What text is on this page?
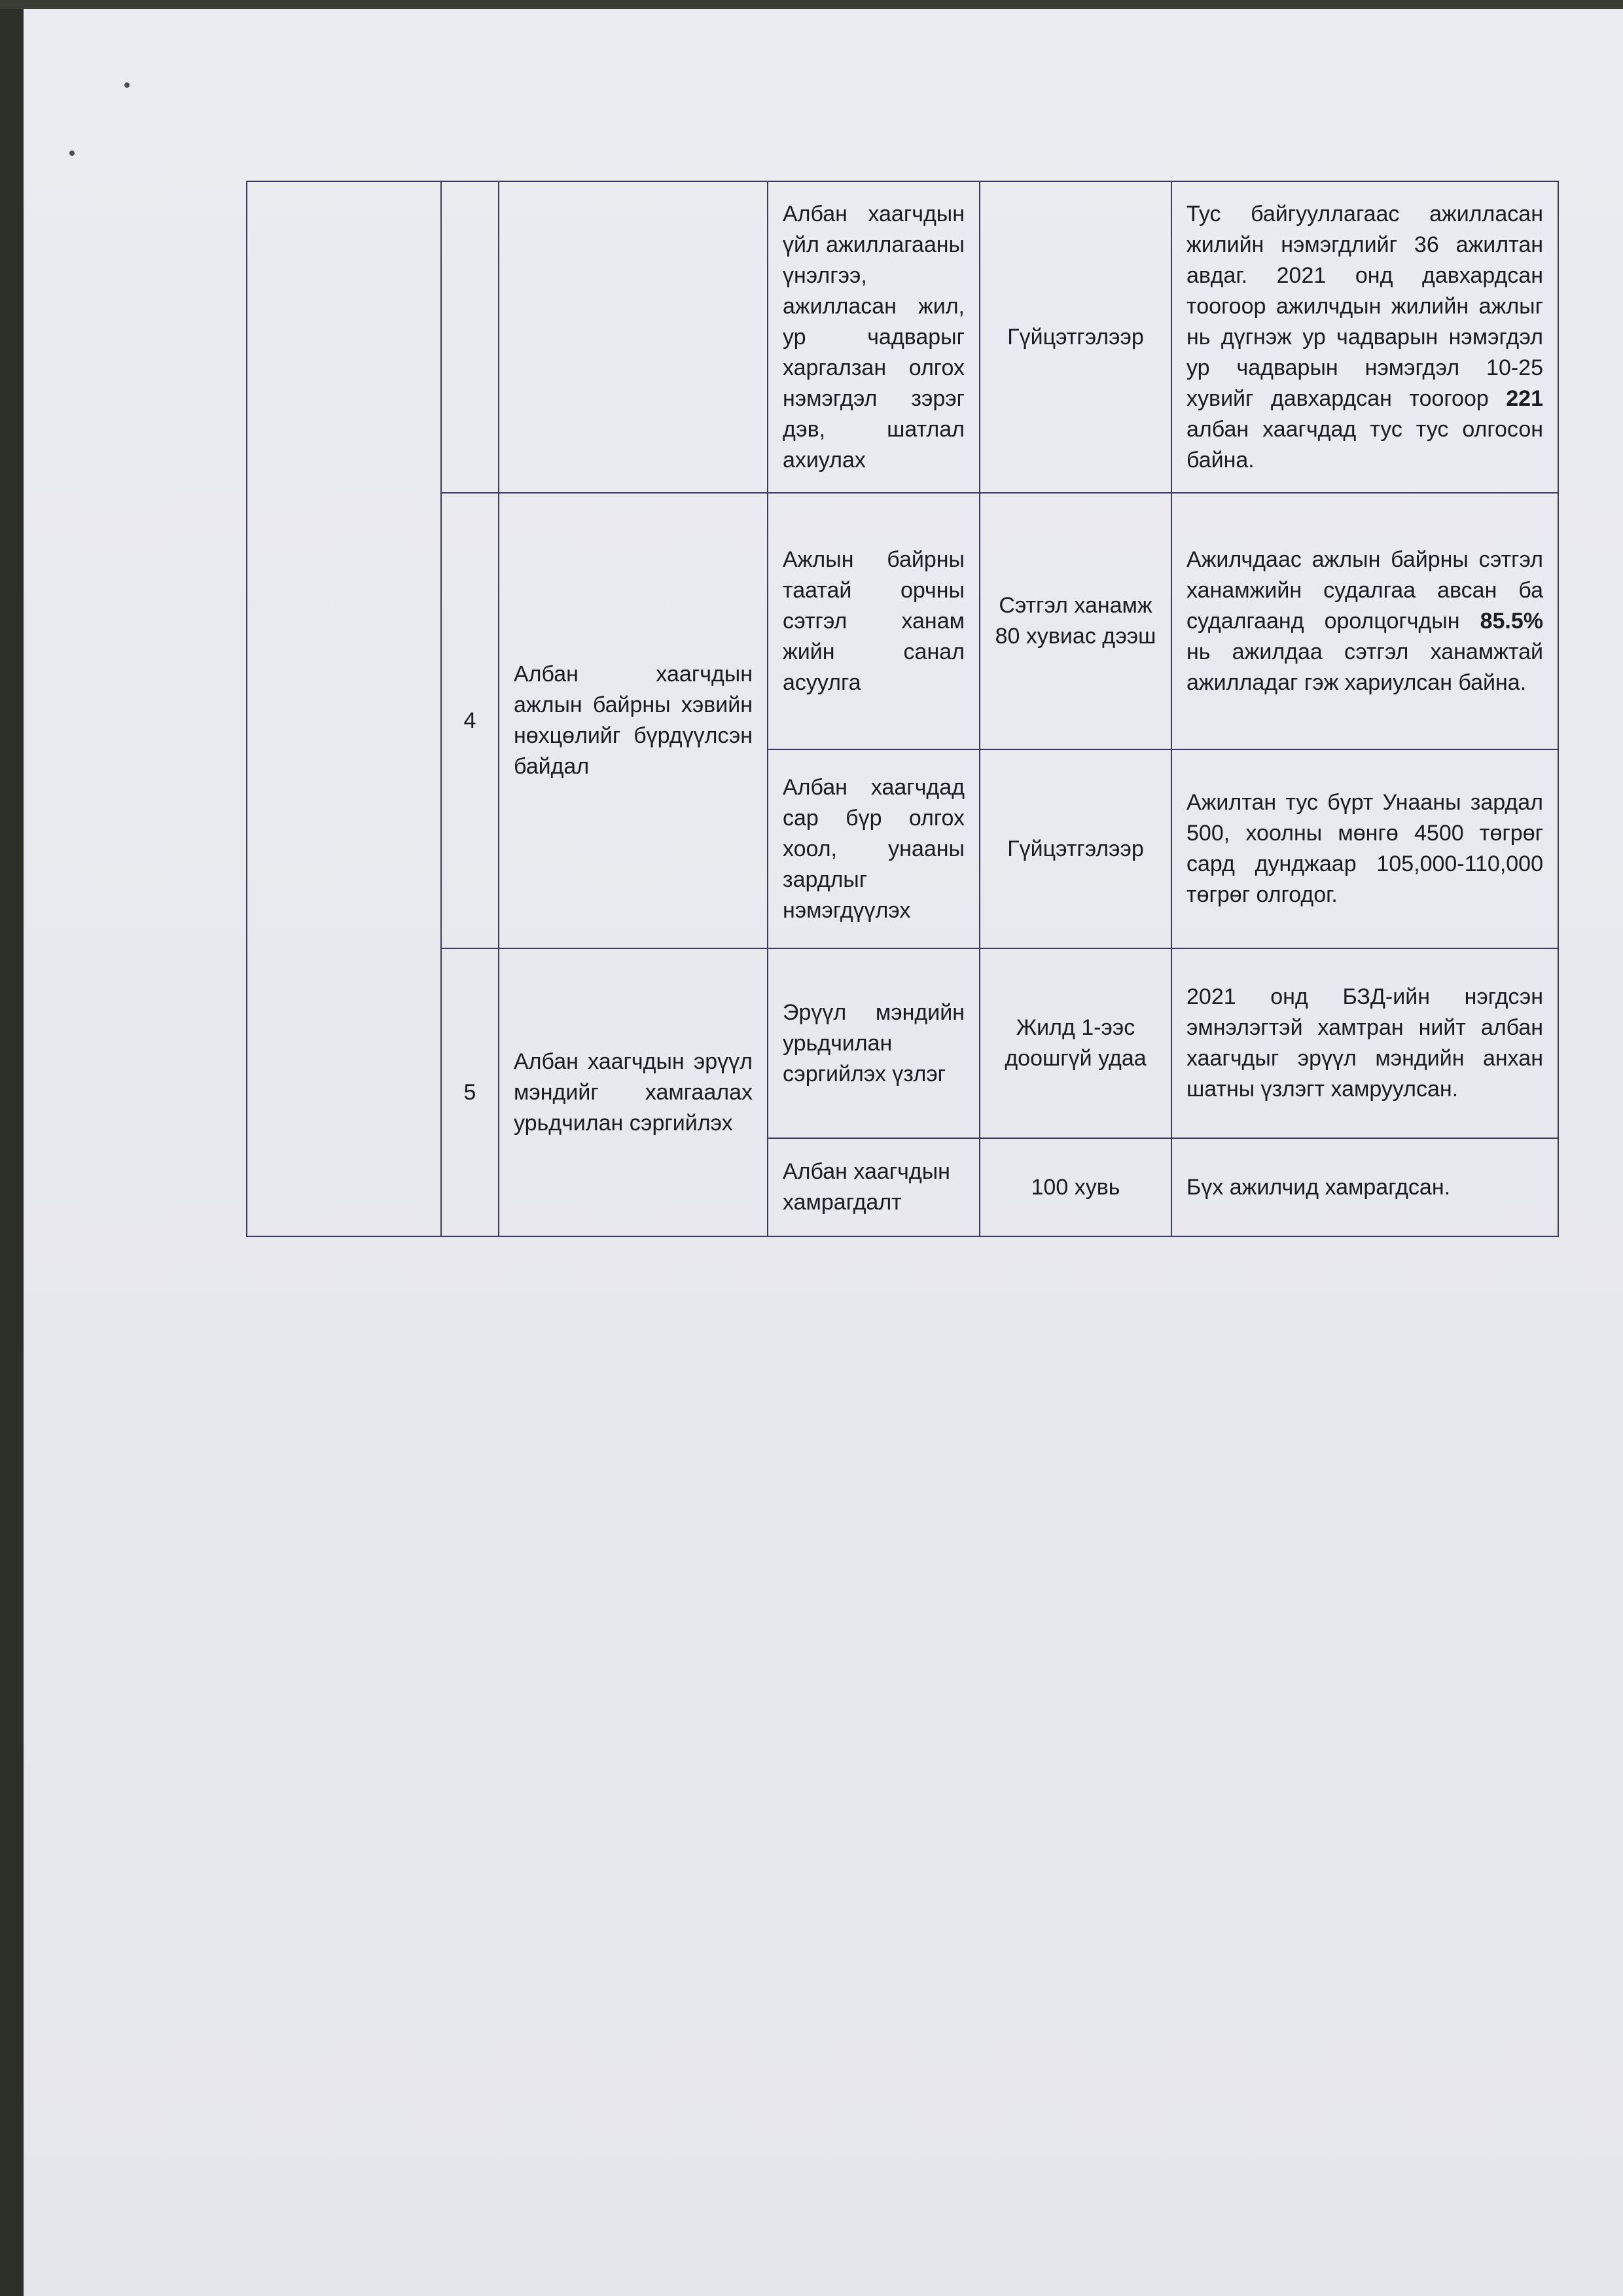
			Албан хаагчдын үйл ажиллагааны үнэлгээ, ажилласан жил, ур чадварыг харгалзан олгох нэмэгдэл зэрэг дэв, шатлал ахиулах	Гүйцэтгэлээр	Тус байгууллагаас ажилласан жилийн нэмэгдлийг 36 ажилтан авдаг. 2021 онд давхардсан тоогоор ажилчдын жилийн ажлыг нь дүгнэж ур чадварын нэмэгдэл ур чадварын нэмэгдэл 10-25 хувийг давхардсан тоогоор 221 албан хаагчдад тус тус олгосон байна.
	4	Албан хаагчдын ажлын байрны хэвийн нөхцөлийг бүрдүүлсэн байдал	Ажлын байрны таатай орчны сэтгэл ханам жийн санал асуулга	Сэтгэл ханамж 80 хувиас дээш	Ажилчдаас ажлын байрны сэтгэл ханамжийн судалгаа авсан ба судалгаанд оролцогчдын 85.5% нь ажилдаа сэтгэл ханамжтай ажилладаг гэж хариулсан байна.
			Албан хаагчдад сар бүр олгох хоол, унааны зардлыг нэмэгдүүлэх	Гүйцэтгэлээр	Ажилтан тус бүрт Унааны зардал 500, хоолны мөнгө 4500 төгрөг сард дунджаар 105,000-110,000 төгрөг олгодог.
	5	Албан хаагчдын эрүүл мэндийг хамгаалах урьдчилан сэргийлэх	Эрүүл мэндийн урьдчилан сэргийлэх үзлэг	Жилд 1-ээс доошгүй удаа	2021 онд БЗД-ийн нэгдсэн эмнэлэгтэй хамтран нийт албан хаагчдыг эрүүл мэндийн анхан шатны үзлэгт хамруулсан.
			Албан хаагчдын хамрагдалт	100 хувь	Бүх ажилчид хамрагдсан.
